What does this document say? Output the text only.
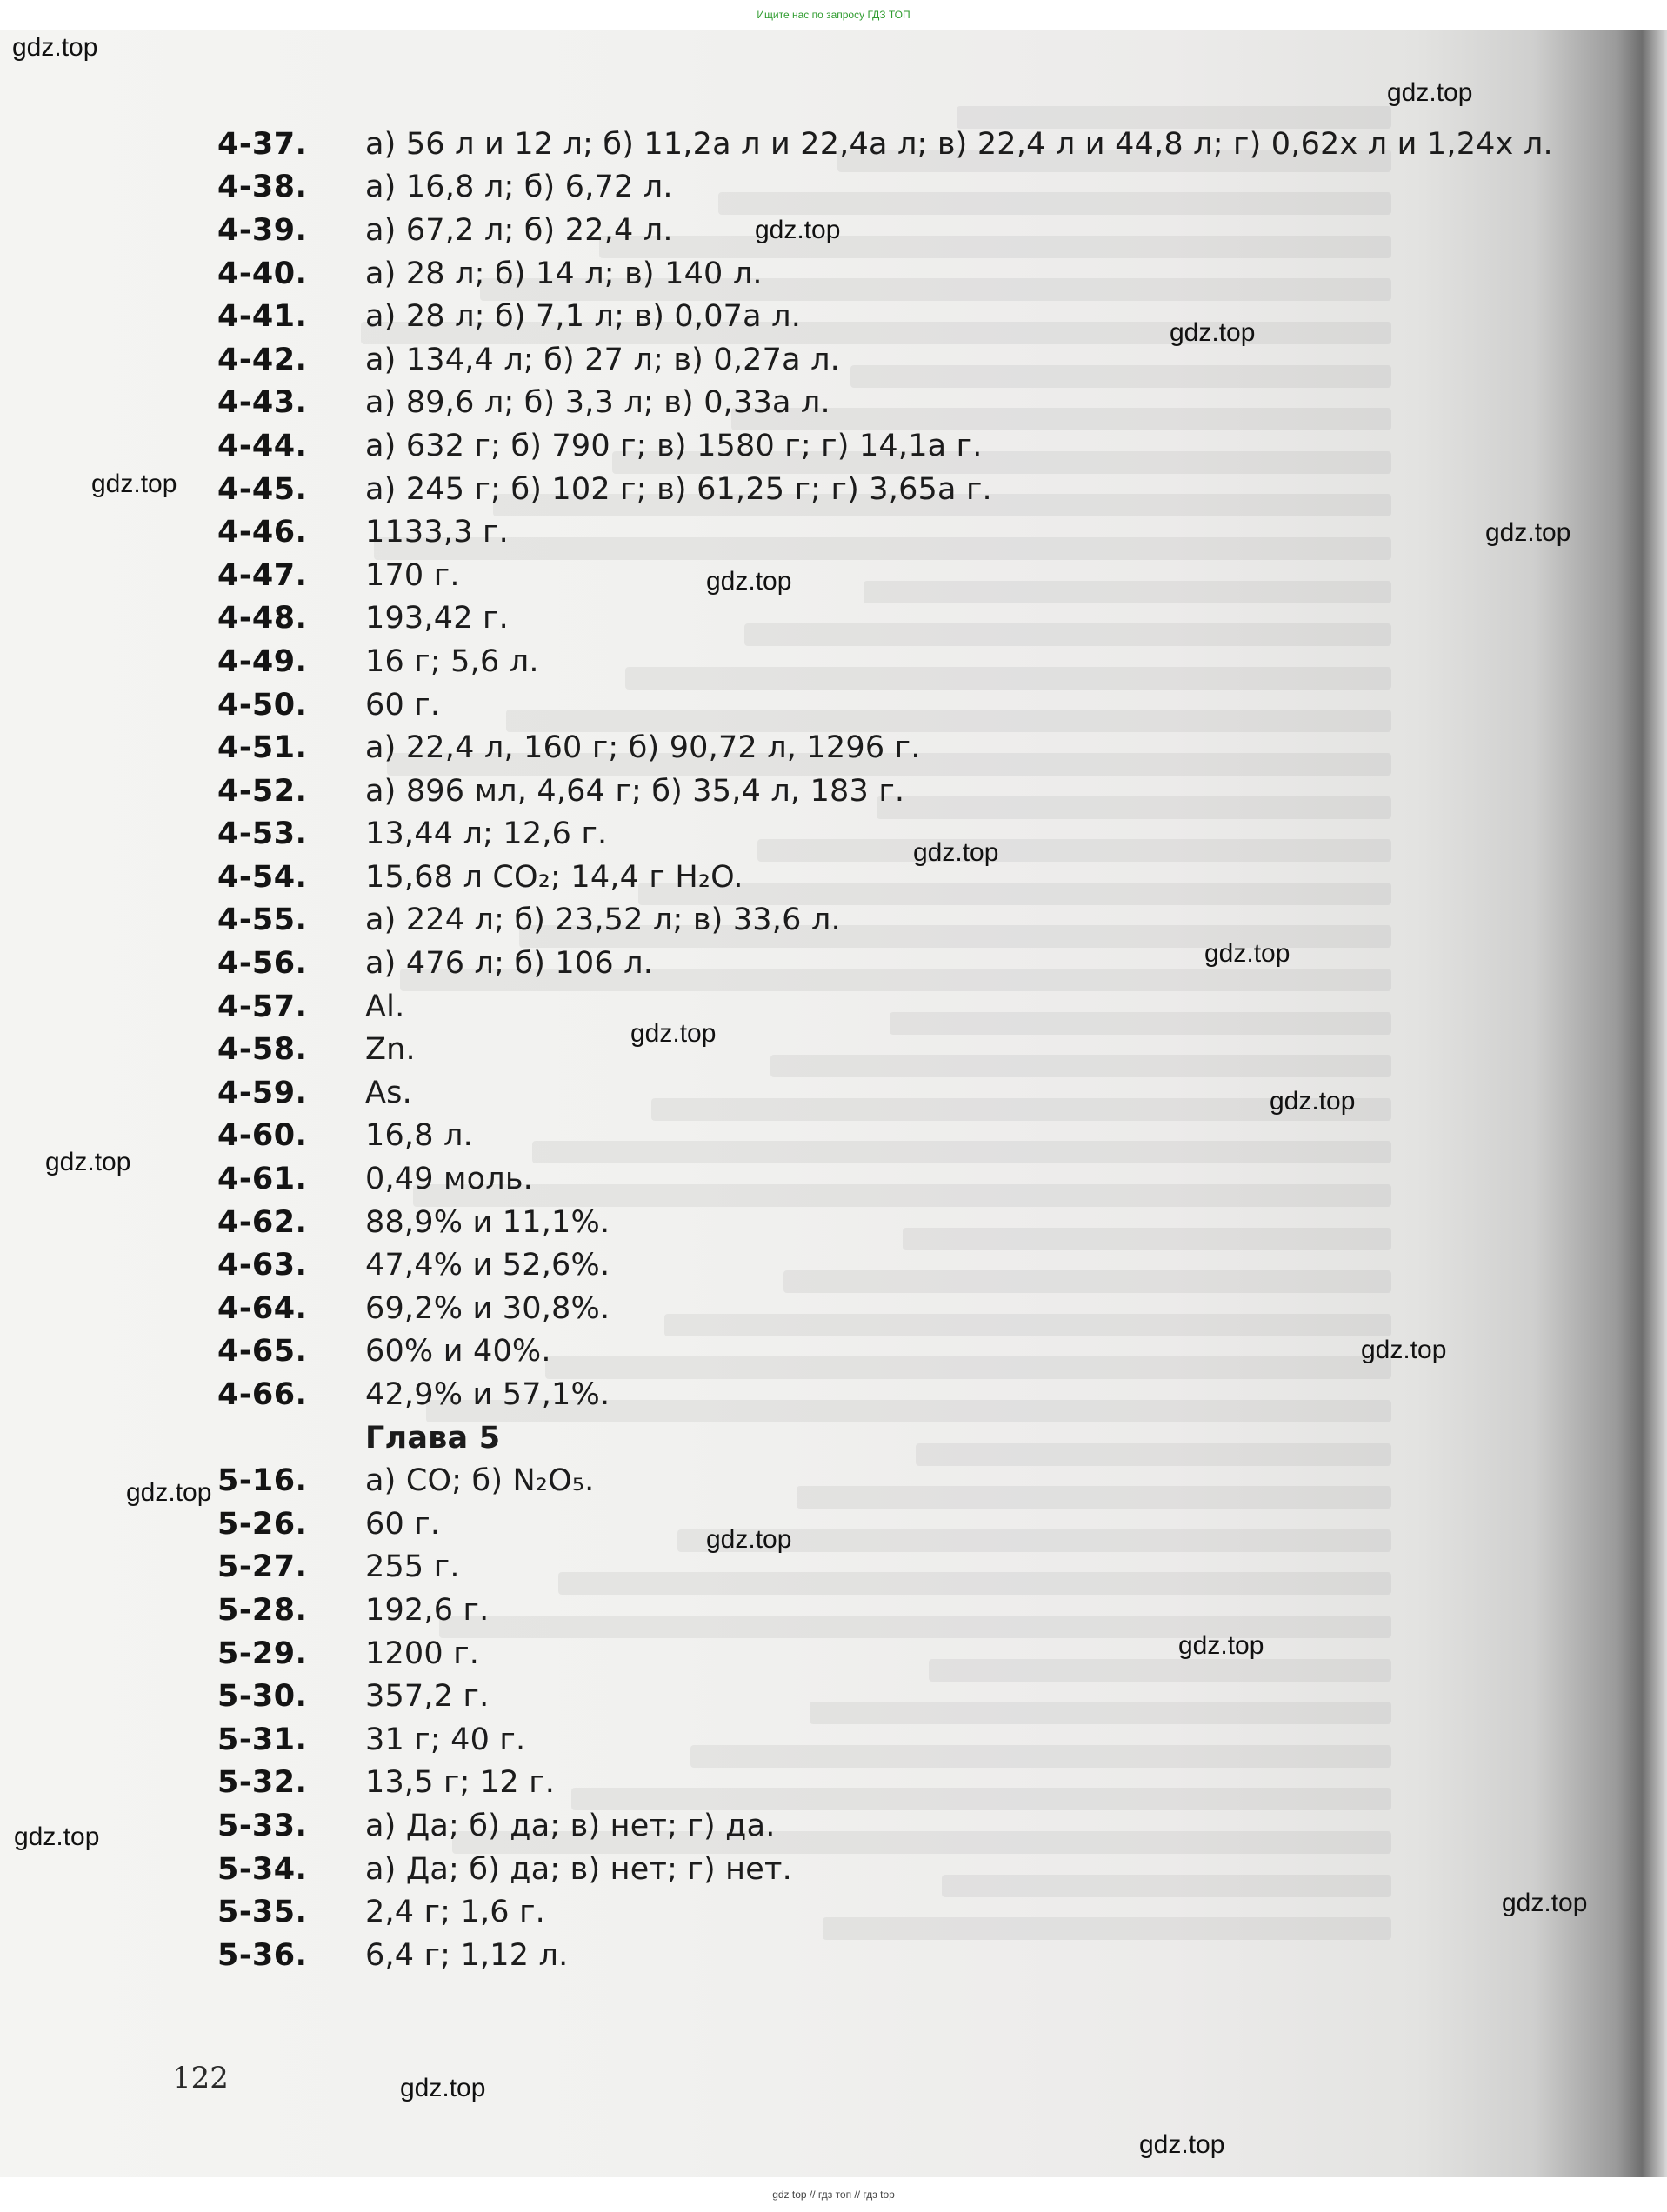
Ищите нас по запросу ГДЗ ТОП
4-37.	а) 56 л и 12 л; б) 11,2a л и 22,4a л; в) 22,4 л и 44,8 л; г) 0,62x л и 1,24x л.
4-38.	а) 16,8 л; б) 6,72 л.
4-39.	а) 67,2 л; б) 22,4 л.
4-40.	а) 28 л; б) 14 л; в) 140 л.
4-41.	а) 28 л; б) 7,1 л; в) 0,07a л.
4-42.	а) 134,4 л; б) 27 л; в) 0,27a л.
4-43.	а) 89,6 л; б) 3,3 л; в) 0,33a л.
4-44.	а) 632 г; б) 790 г; в) 1580 г; г) 14,1a г.
4-45.	а) 245 г; б) 102 г; в) 61,25 г; г) 3,65a г.
4-46.	1133,3 г.
4-47.	170 г.
4-48.	193,42 г.
4-49.	16 г; 5,6 л.
4-50.	60 г.
4-51.	а) 22,4 л, 160 г; б) 90,72 л, 1296 г.
4-52.	а) 896 мл, 4,64 г; б) 35,4 л, 183 г.
4-53.	13,44 л; 12,6 г.
4-54.	15,68 л CO₂; 14,4 г H₂O.
4-55.	а) 224 л; б) 23,52 л; в) 33,6 л.
4-56.	а) 476 л; б) 106 л.
4-57.	Al.
4-58.	Zn.
4-59.	As.
4-60.	16,8 л.
4-61.	0,49 моль.
4-62.	88,9% и 11,1%.
4-63.	47,4% и 52,6%.
4-64.	69,2% и 30,8%.
4-65.	60% и 40%.
4-66.	42,9% и 57,1%.
Глава 5
5-16.	а) CO; б) N₂O₅.
5-26.	60 г.
5-27.	255 г.
5-28.	192,6 г.
5-29.	1200 г.
5-30.	357,2 г.
5-31.	31 г; 40 г.
5-32.	13,5 г; 12 г.
5-33.	а) Да; б) да; в) нет; г) да.
5-34.	а) Да; б) да; в) нет; г) нет.
5-35.	2,4 г; 1,6 г.
5-36.	6,4 г; 1,12 л.
122
gdz.top
gdz.top
gdz.top
gdz.top
gdz.top
gdz.top
gdz.top
gdz.top
gdz.top
gdz.top
gdz.top
gdz.top
gdz.top
gdz.top
gdz.top
gdz.top
gdz.top
gdz.top
gdz.top
gdz.top
gdz top // гдз топ // гдз top
